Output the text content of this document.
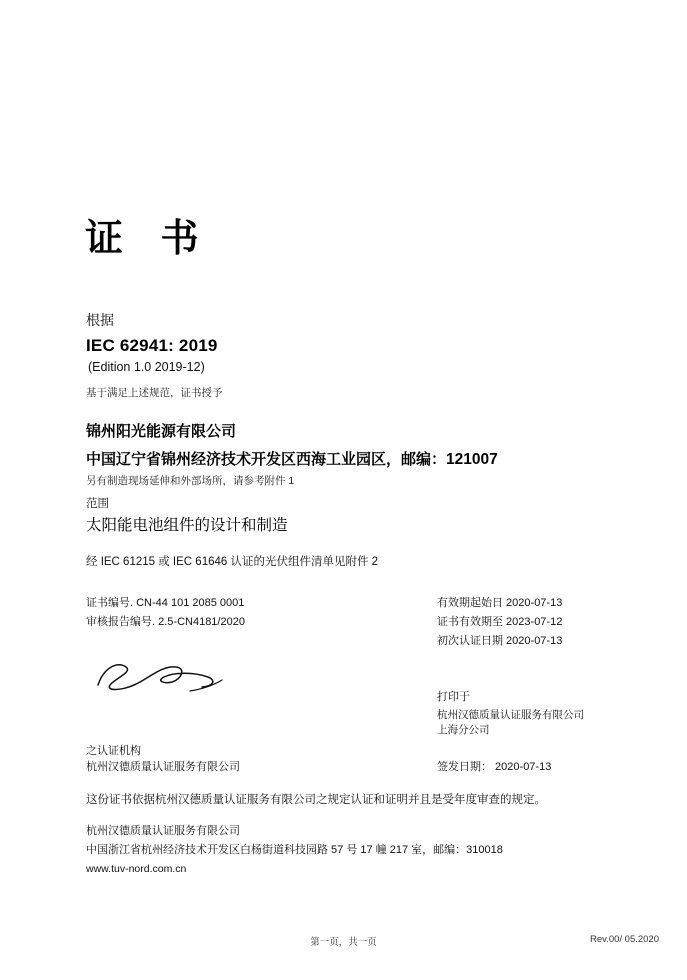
证 书
根据
IEC 62941: 2019
(Edition 1.0 2019-12)
基于满足上述规范，证书授予
锦州阳光能源有限公司
中国辽宁省锦州经济技术开发区西海工业园区，邮编：121007
另有制造现场延伸和外部场所，请参考附件 1
范围
太阳能电池组件的设计和制造
经 IEC 61215 或 IEC 61646 认证的光伏组件清单见附件 2
证书编号. CN-44 101 2085 0001
审核报告编号. 2.5-CN4181/2020
有效期起始日 2020-07-13
证书有效期至 2023-07-12
初次认证日期 2020-07-13
打印于
杭州汉德质量认证服务有限公司
上海分公司
之认证机构
杭州汉德质量认证服务有限公司	签发日期： 2020-07-13
这份证书依据杭州汉德质量认证服务有限公司之规定认证和证明并且是受年度审查的规定。
杭州汉德质量认证服务有限公司
中国浙江省杭州经济技术开发区白杨街道科技园路 57 号 17 幢 217 室，邮编：310018
www.tuv-nord.com.cn
第一页，共一页	Rev.00/ 05.2020
